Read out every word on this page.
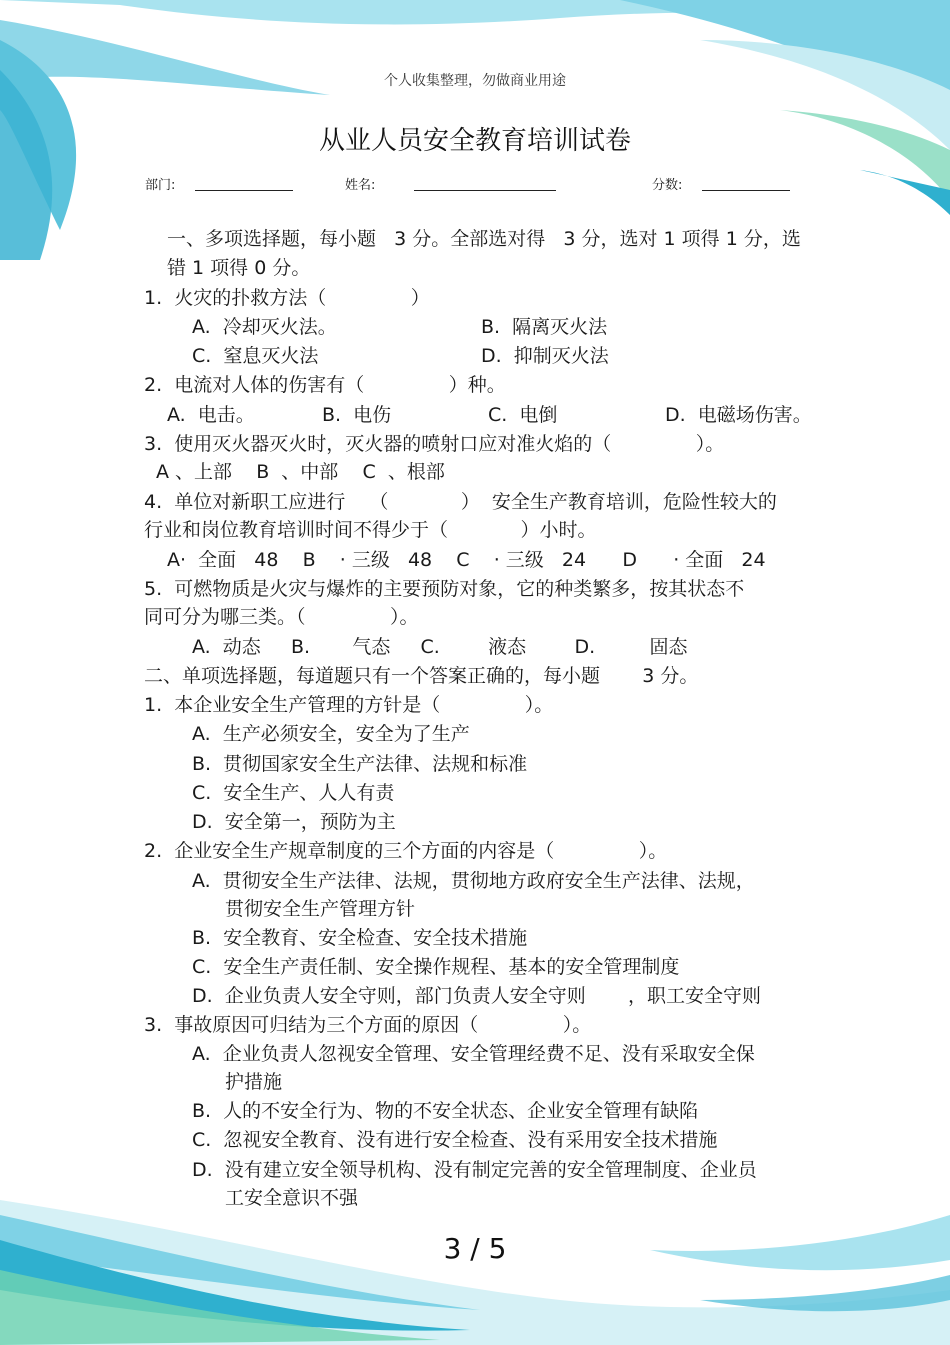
个人收集整理，勿做商业用途
从业人员安全教育培训试卷
部门:	姓名:	分数:
一、多项选择题，每小题   3 分。全部选对得   3 分，选对 1 项得 1 分，选
错 1 项得 0 分。
1.  火灾的扑救方法（              ）
A.  冷却灭火法。	B.  隔离灭火法
C.  窒息灭火法	D.  抑制灭火法
2.  电流对人体的伤害有（              ）种。
A.  电击。	B.  电伤	C.  电倒	D.  电磁场伤害。
3.  使用灭火器灭火时，灭火器的喷射口应对准火焰的（              ）。
A 、上部    B  、中部    C  、根部
4.  单位对新职工应进行    （            ）  安全生产教育培训，危险性较大的
行业和岗位教育培训时间不得少于（            ）小时。
A·  全面   48    B    · 三级   48    C    · 三级   24      D      · 全面   24
5.  可燃物质是火灾与爆炸的主要预防对象，它的种类繁多，按其状态不
同可分为哪三类。（              ）。
A.  动态     B.       气态     C.        液态        D.         固态
二、单项选择题，每道题只有一个答案正确的，每小题       3 分。
1.  本企业安全生产管理的方针是（              ）。
A.  生产必须安全，安全为了生产
B.  贯彻国家安全生产法律、法规和标准
C.  安全生产、人人有责
D.  安全第一，预防为主
2.  企业安全生产规章制度的三个方面的内容是（              ）。
A.  贯彻安全生产法律、法规，贯彻地方政府安全生产法律、法规，
贯彻安全生产管理方针
B.  安全教育、安全检查、安全技术措施
C.  安全生产责任制、安全操作规程、基本的安全管理制度
D.  企业负责人安全守则，部门负责人安全守则       ，职工安全守则
3.  事故原因可归结为三个方面的原因（              ）。
A.  企业负责人忽视安全管理、安全管理经费不足、没有采取安全保
护措施
B.  人的不安全行为、物的不安全状态、企业安全管理有缺陷
C.  忽视安全教育、没有进行安全检查、没有采用安全技术措施
D.  没有建立安全领导机构、没有制定完善的安全管理制度、企业员
工安全意识不强
3 / 5
